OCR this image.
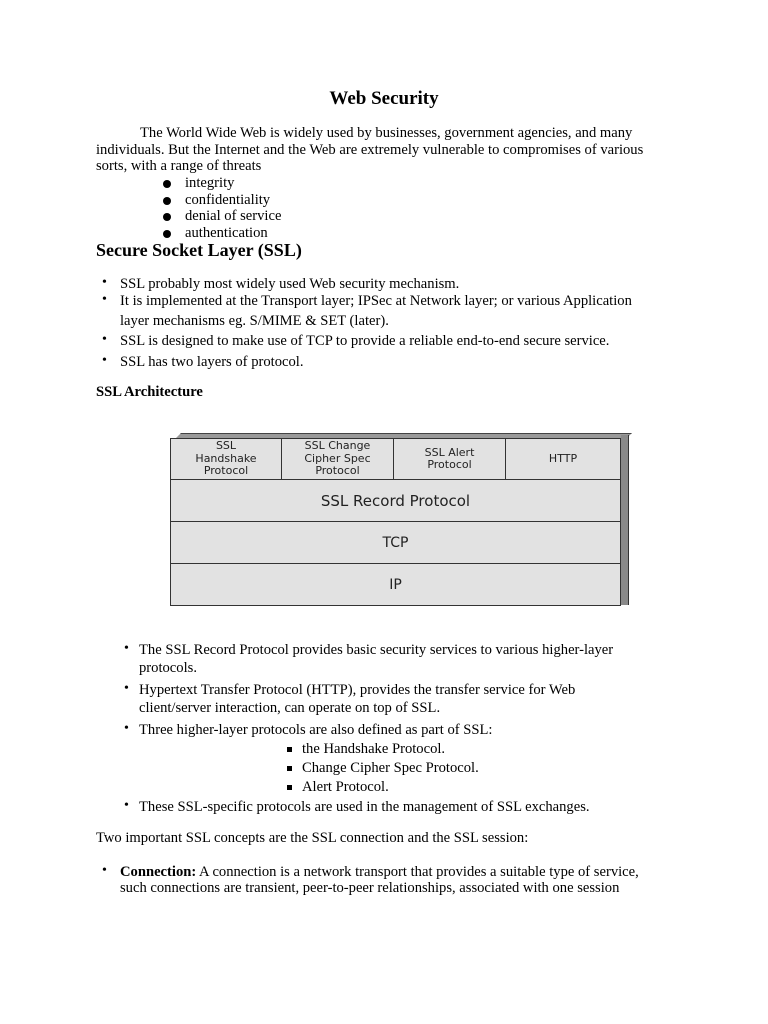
Web Security
The World Wide Web is widely used by businesses, government agencies, and many
individuals. But the Internet and the Web are extremely vulnerable to compromises of various
sorts, with a range of threats
integrity
confidentiality
denial of service
authentication
Secure Socket Layer (SSL)
• SSL probably most widely used Web security mechanism.
• It is implemented at the Transport layer; IPSec at Network layer; or various Application
layer mechanisms eg. S/MIME & SET (later).
• SSL is designed to make use of TCP to provide a reliable end-to-end secure service.
• SSL has two layers of protocol.
SSL Architecture
SSL
Handshake
Protocol
SSL Change
Cipher Spec
Protocol
SSL Alert
Protocol	HTTP
SSL Record Protocol
TCP
IP
• The SSL Record Protocol provides basic security services to various higher-layer
protocols.
• Hypertext Transfer Protocol (HTTP), provides the transfer service for Web
client/server interaction, can operate on top of SSL.
• Three higher-layer protocols are also defined as part of SSL:
the Handshake Protocol.
Change Cipher Spec Protocol.
Alert Protocol.
• These SSL-specific protocols are used in the management of SSL exchanges.
Two important SSL concepts are the SSL connection and the SSL session:
• Connection: A connection is a network transport that provides a suitable type of service,
such connections are transient, peer-to-peer relationships, associated with one session
